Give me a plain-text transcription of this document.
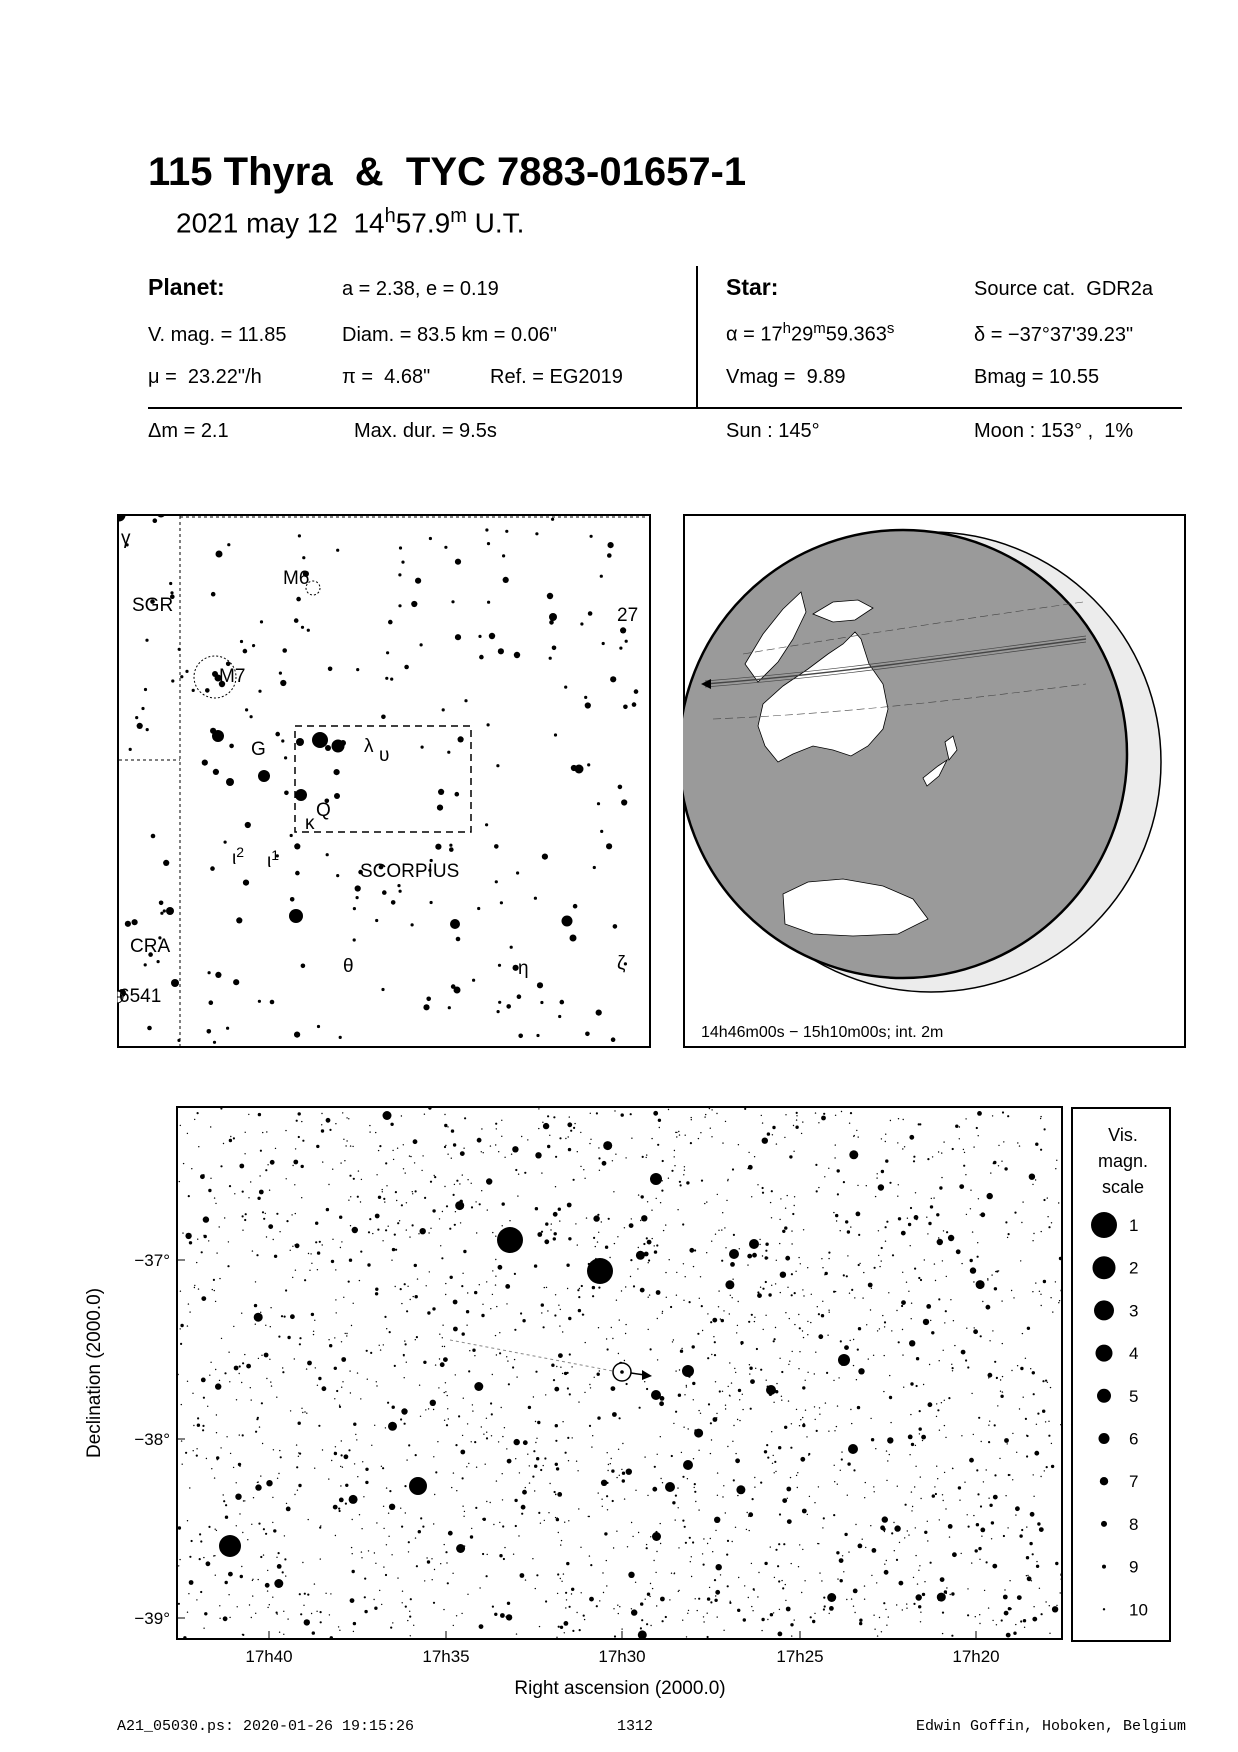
115 Thyra  &  TYC 7883-01657-1
2021 may 12  14$^h$57.9$^m$ U.T.
Planet:	a = 2.38, e = 0.19
V. mag. = 11.85	Diam. = 83.5 km = 0.06"
μ =  23.22"/h	π =  4.68"	Ref. = EG2019
Star:	Source cat.  GDR2a
$\alpha = 17^h29^m59.363^s$	δ = −37°37'39.23"
Vmag =  9.89	Bmag = 10.55
Δm = 2.1	Max. dur. = 9.5s	Sun : 145°	Moon : 153° ,  1%
γ
SGR
M6
M7
27
G	λ υ
Q
κ
$\iota^2$ $\iota^1$
SCORPIUS
CRA
6541
θ	η	ζ
14h46m00s − 15h10m00s; int. 2m
−37°
−38°
−39°
17h40	17h35	17h30	17h25	17h20
Right ascension (2000.0)
Declination (2000.0)
Vis.
magn.
scale
1
2
3
4
5
6
7
8
9
10
A21_05030.ps: 2020-01-26 19:15:26	1312	Edwin Goffin, Hoboken, Belgium
